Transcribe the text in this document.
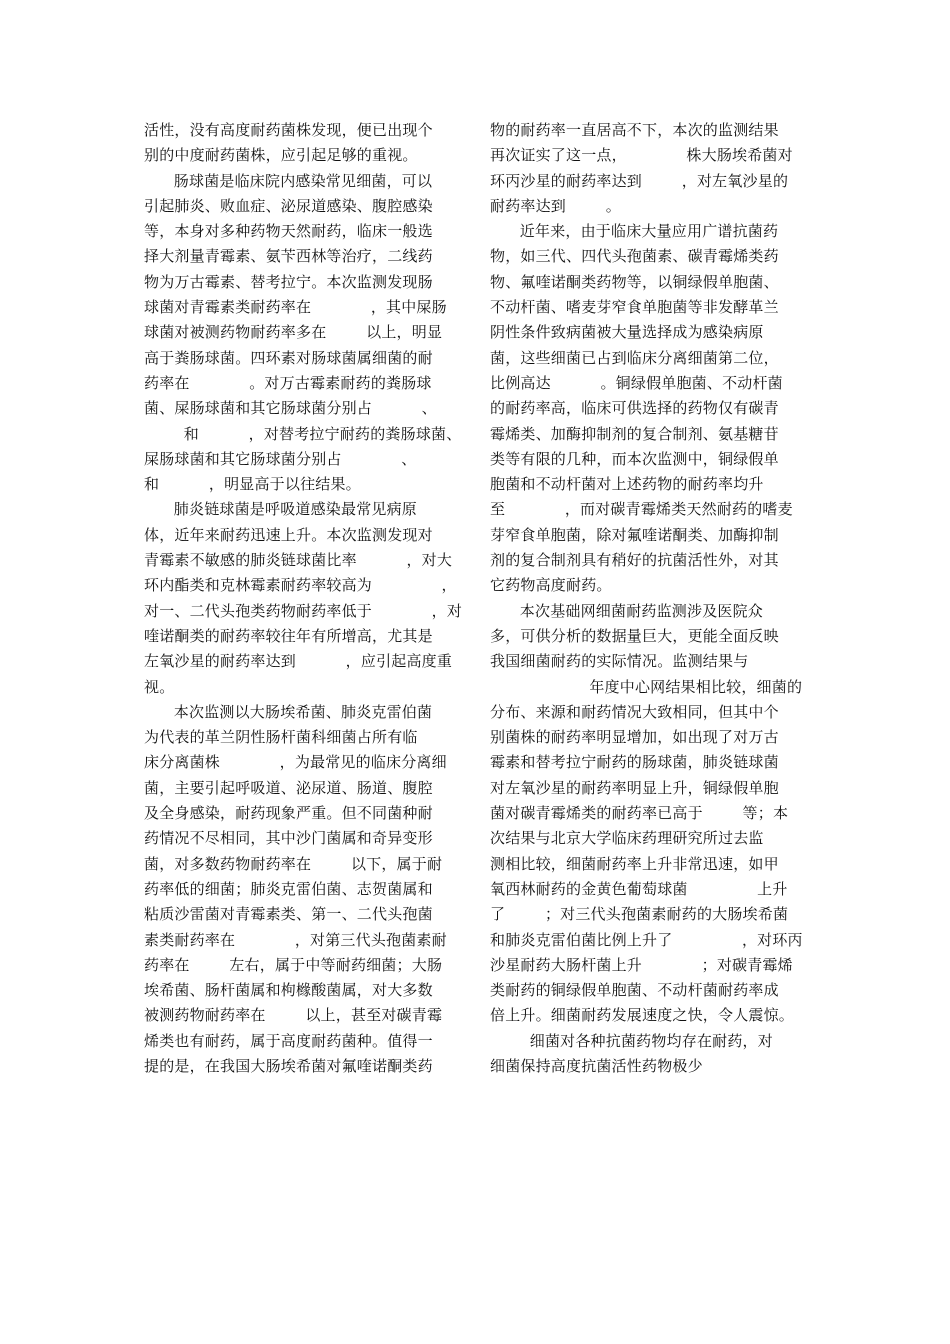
活性，没有高度耐药菌株发现，便已出现个
别的中度耐药菌株，应引起足够的重视。
肠球菌是临床院内感染常见细菌，可以
引起肺炎、败血症、泌尿道感染、腹腔感染
等，本身对多种药物天然耐药，临床一般选
择大剂量青霉素、氨苄西林等治疗，二线药
物为万古霉素、替考拉宁。本次监测发现肠
球菌对青霉素类耐药率在            ，其中屎肠
球菌对被测药物耐药率多在        以上，明显
高于粪肠球菌。四环素对肠球菌属细菌的耐
药率在            。对万古霉素耐药的粪肠球
菌、屎肠球菌和其它肠球菌分别占          、
和          ，对替考拉宁耐药的粪肠球菌、
屎肠球菌和其它肠球菌分别占            、
和          ，明显高于以往结果。
肺炎链球菌是呼吸道感染最常见病原
体，近年来耐药迅速上升。本次监测发现对
青霉素不敏感的肺炎链球菌比率          ，对大
环内酯类和克林霉素耐药率较高为              ，
对一、二代头孢类药物耐药率低于            ，对
喹诺酮类的耐药率较往年有所增高，尤其是
左氧沙星的耐药率达到          ，应引起高度重
视。
本次监测以大肠埃希菌、肺炎克雷伯菌
为代表的革兰阴性肠杆菌科细菌占所有临
床分离菌株            ，为最常见的临床分离细
菌，主要引起呼吸道、泌尿道、肠道、腹腔
及全身感染，耐药现象严重。但不同菌种耐
药情况不尽相同，其中沙门菌属和奇异变形
菌，对多数药物耐药率在        以下，属于耐
药率低的细菌；肺炎克雷伯菌、志贺菌属和
粘质沙雷菌对青霉素类、第一、二代头孢菌
素类耐药率在            ，对第三代头孢菌素耐
药率在        左右，属于中等耐药细菌；大肠
埃希菌、肠杆菌属和枸橼酸菌属，对大多数
被测药物耐药率在        以上，甚至对碳青霉
烯类也有耐药，属于高度耐药菌种。值得一
提的是，在我国大肠埃希菌对氟喹诺酮类药
物的耐药率一直居高不下，本次的监测结果
再次证实了这一点，            株大肠埃希菌对
环丙沙星的耐药率达到        ，对左氧沙星的
耐药率达到        。
近年来，由于临床大量应用广谱抗菌药
物，如三代、四代头孢菌素、碳青霉烯类药
物、氟喹诺酮类药物等，以铜绿假单胞菌、
不动杆菌、嗜麦芽窄食单胞菌等非发酵革兰
阴性条件致病菌被大量选择成为感染病原
菌，这些细菌已占到临床分离细菌第二位，
比例高达          。铜绿假单胞菌、不动杆菌
的耐药率高，临床可供选择的药物仅有碳青
霉烯类、加酶抑制剂的复合制剂、氨基糖苷
类等有限的几种，而本次监测中，铜绿假单
胞菌和不动杆菌对上述药物的耐药率均升
至            ，而对碳青霉烯类天然耐药的嗜麦
芽窄食单胞菌，除对氟喹诺酮类、加酶抑制
剂的复合制剂具有稍好的抗菌活性外，对其
它药物高度耐药。
本次基础网细菌耐药监测涉及医院众
多，可供分析的数据量巨大，更能全面反映
我国细菌耐药的实际情况。监测结果与
年度中心网结果相比较，细菌的
分布、来源和耐药情况大致相同，但其中个
别菌株的耐药率明显增加，如出现了对万古
霉素和替考拉宁耐药的肠球菌，肺炎链球菌
对左氧沙星的耐药率明显上升，铜绿假单胞
菌对碳青霉烯类的耐药率已高于        等；本
次结果与北京大学临床药理研究所过去监
测相比较，细菌耐药率上升非常迅速，如甲
氧西林耐药的金黄色葡萄球菌              上升
了        ；对三代头孢菌素耐药的大肠埃希菌
和肺炎克雷伯菌比例上升了              ，对环丙
沙星耐药大肠杆菌上升            ；对碳青霉烯
类耐药的铜绿假单胞菌、不动杆菌耐药率成
倍上升。细菌耐药发展速度之快，令人震惊。
细菌对各种抗菌药物均存在耐药，对
细菌保持高度抗菌活性药物极少
